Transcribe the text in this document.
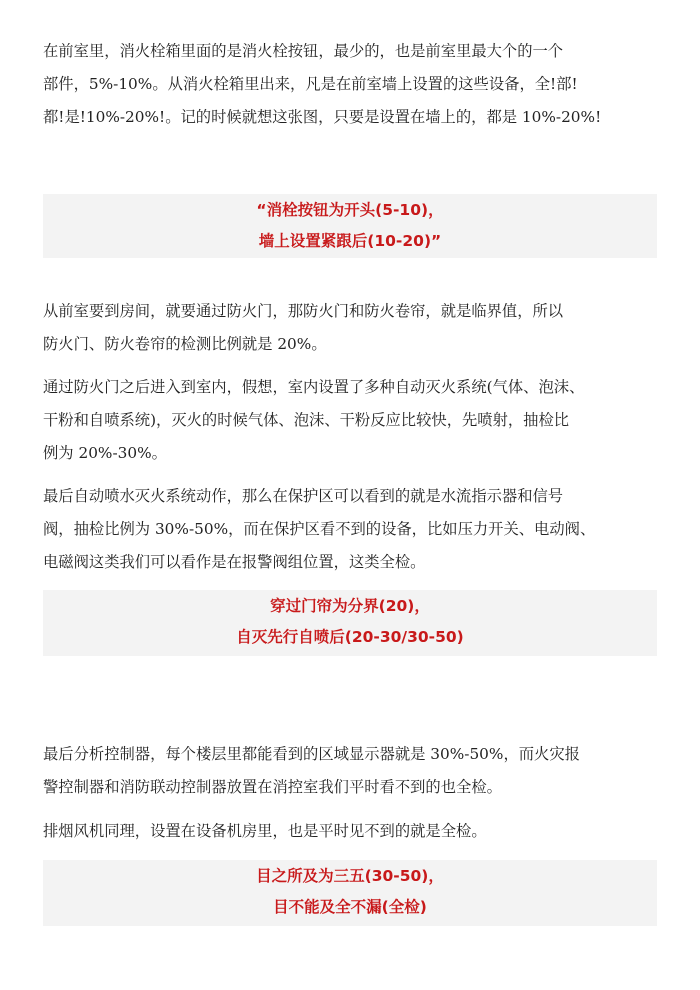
在前室里，消火栓箱里面的是消火栓按钮，最少的，也是前室里最大个的一个
部件，5%-10%。从消火栓箱里出来，凡是在前室墙上设置的这些设备，全!部!
都!是!10%-20%!。记的时候就想这张图，只要是设置在墙上的，都是 10%-20%!

“消栓按钮为开头(5-10)，
墙上设置紧跟后(10-20)”

从前室要到房间，就要通过防火门，那防火门和防火卷帘，就是临界值，所以
防火门、防火卷帘的检测比例就是 20%。

通过防火门之后进入到室内，假想，室内设置了多种自动灭火系统(气体、泡沫、
干粉和自喷系统)，灭火的时候气体、泡沫、干粉反应比较快，先喷射，抽检比
例为 20%-30%。

最后自动喷水灭火系统动作，那么在保护区可以看到的就是水流指示器和信号
阀，抽检比例为 30%-50%，而在保护区看不到的设备，比如压力开关、电动阀、
电磁阀这类我们可以看作是在报警阀组位置，这类全检。

穿过门帘为分界(20)，
自灭先行自喷后(20-30/30-50)

最后分析控制器，每个楼层里都能看到的区域显示器就是 30%-50%，而火灾报
警控制器和消防联动控制器放置在消控室我们平时看不到的也全检。

排烟风机同理，设置在设备机房里，也是平时见不到的就是全检。

目之所及为三五(30-50)，
目不能及全不漏(全检)
